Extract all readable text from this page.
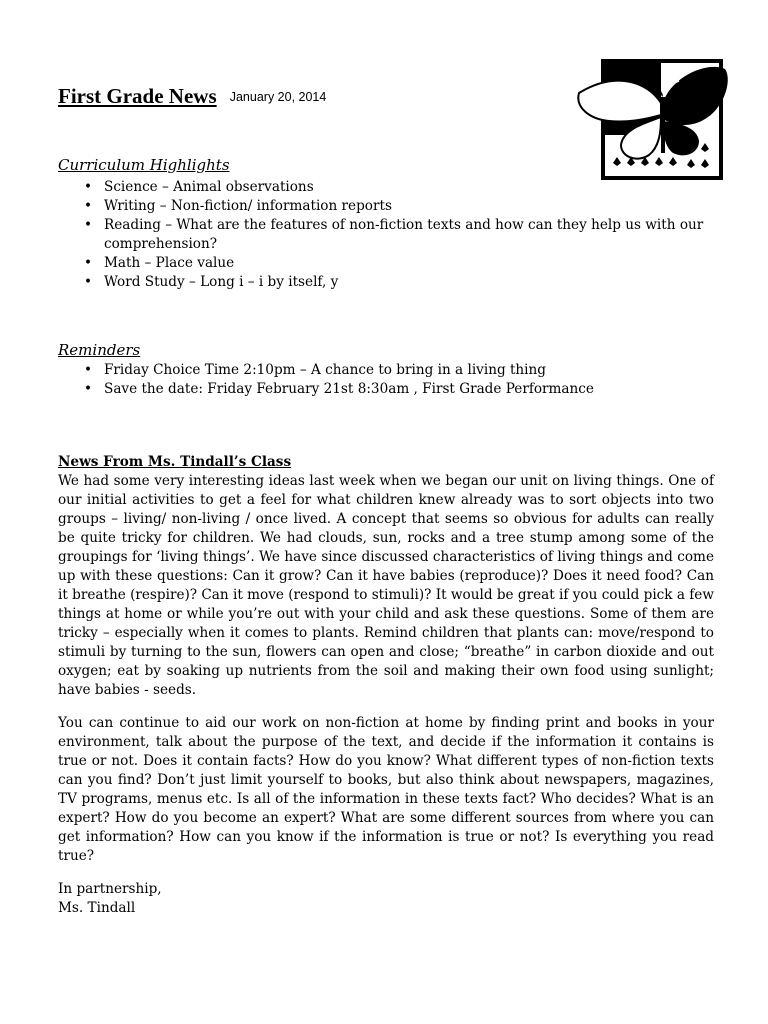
First Grade News January 20, 2014
Curriculum Highlights
• Science – Animal observations
• Writing – Non-fiction/ information reports
• Reading – What are the features of non-fiction texts and how can they help us with our comprehension?
• Math – Place value
• Word Study – Long i – i by itself, y
Reminders
• Friday Choice Time 2:10pm – A chance to bring in a living thing
• Save the date: Friday February 21st 8:30am , First Grade Performance
News From Ms. Tindall’s Class

We had some very interesting ideas last week when we began our unit on living things. One of our initial activities to get a feel for what children knew already was to sort objects into two groups – living/ non-living / once lived. A concept that seems so obvious for adults can really be quite tricky for children. We had clouds, sun, rocks and a tree stump among some of the groupings for ‘living things’. We have since discussed characteristics of living things and come up with these questions: Can it grow? Can it have babies (reproduce)? Does it need food? Can it breathe (respire)? Can it move (respond to stimuli)? It would be great if you could pick a few things at home or while you’re out with your child and ask these questions. Some of them are tricky – especially when it comes to plants. Remind children that plants can: move/respond to stimuli by turning to the sun, flowers can open and close; “breathe” in carbon dioxide and out oxygen; eat by soaking up nutrients from the soil and making their own food using sunlight; have babies - seeds.

You can continue to aid our work on non-fiction at home by finding print and books in your environment, talk about the purpose of the text, and decide if the information it contains is true or not. Does it contain facts? How do you know? What different types of non-fiction texts can you find? Don’t just limit yourself to books, but also think about newspapers, magazines, TV programs, menus etc. Is all of the information in these texts fact? Who decides? What is an expert? How do you become an expert? What are some different sources from where you can get information? How can you know if the information is true or not? Is everything you read true?

In partnership,
Ms. Tindall
